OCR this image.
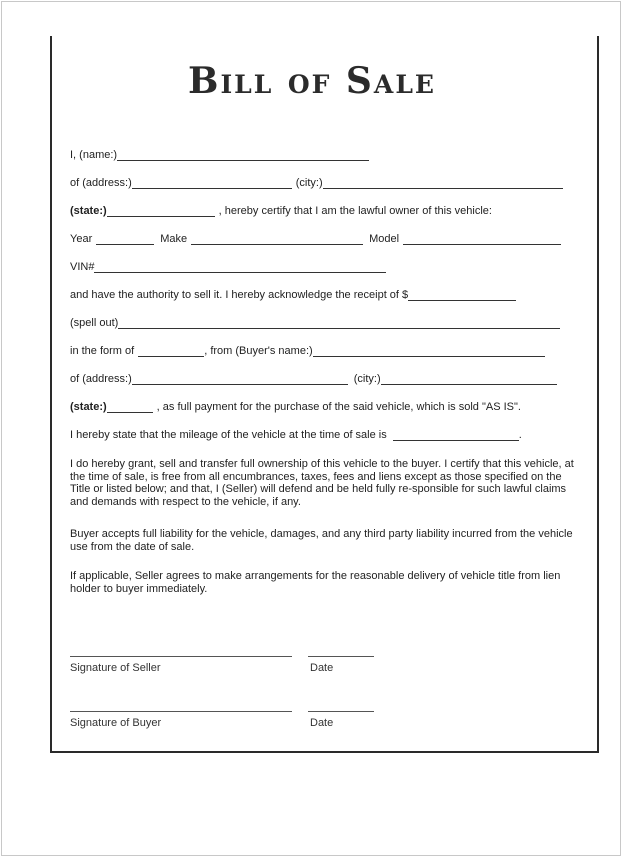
Bill of Sale
I, (name:)
of (address:)	(city:)
(state:)	, hereby certify that I am the lawful owner of this vehicle:
Year	Make	Model
VIN#
and have the authority to sell it. I hereby acknowledge the receipt of $
(spell out)
in the form of	, from (Buyer's name:)
of (address:)	(city:)
(state:)	, as full payment for the purchase of the said vehicle, which is sold "AS IS".
I hereby state that the mileage of the vehicle at the time of sale is	.

I do hereby grant, sell and transfer full ownership of this vehicle to the buyer. I certify that this vehicle, at the time of sale, is free from all encumbrances, taxes, fees and liens except as those specified on the Title or listed below; and that, I (Seller) will defend and be held fully re-sponsible for such lawful claims and demands with respect to the vehicle, if any.

Buyer accepts full liability for the vehicle, damages, and any third party liability incurred from the vehicle use from the date of sale.

If applicable, Seller agrees to make arrangements for the reasonable delivery of vehicle title from lien holder to buyer immediately.

Signature of Seller	Date
Signature of Buyer	Date
